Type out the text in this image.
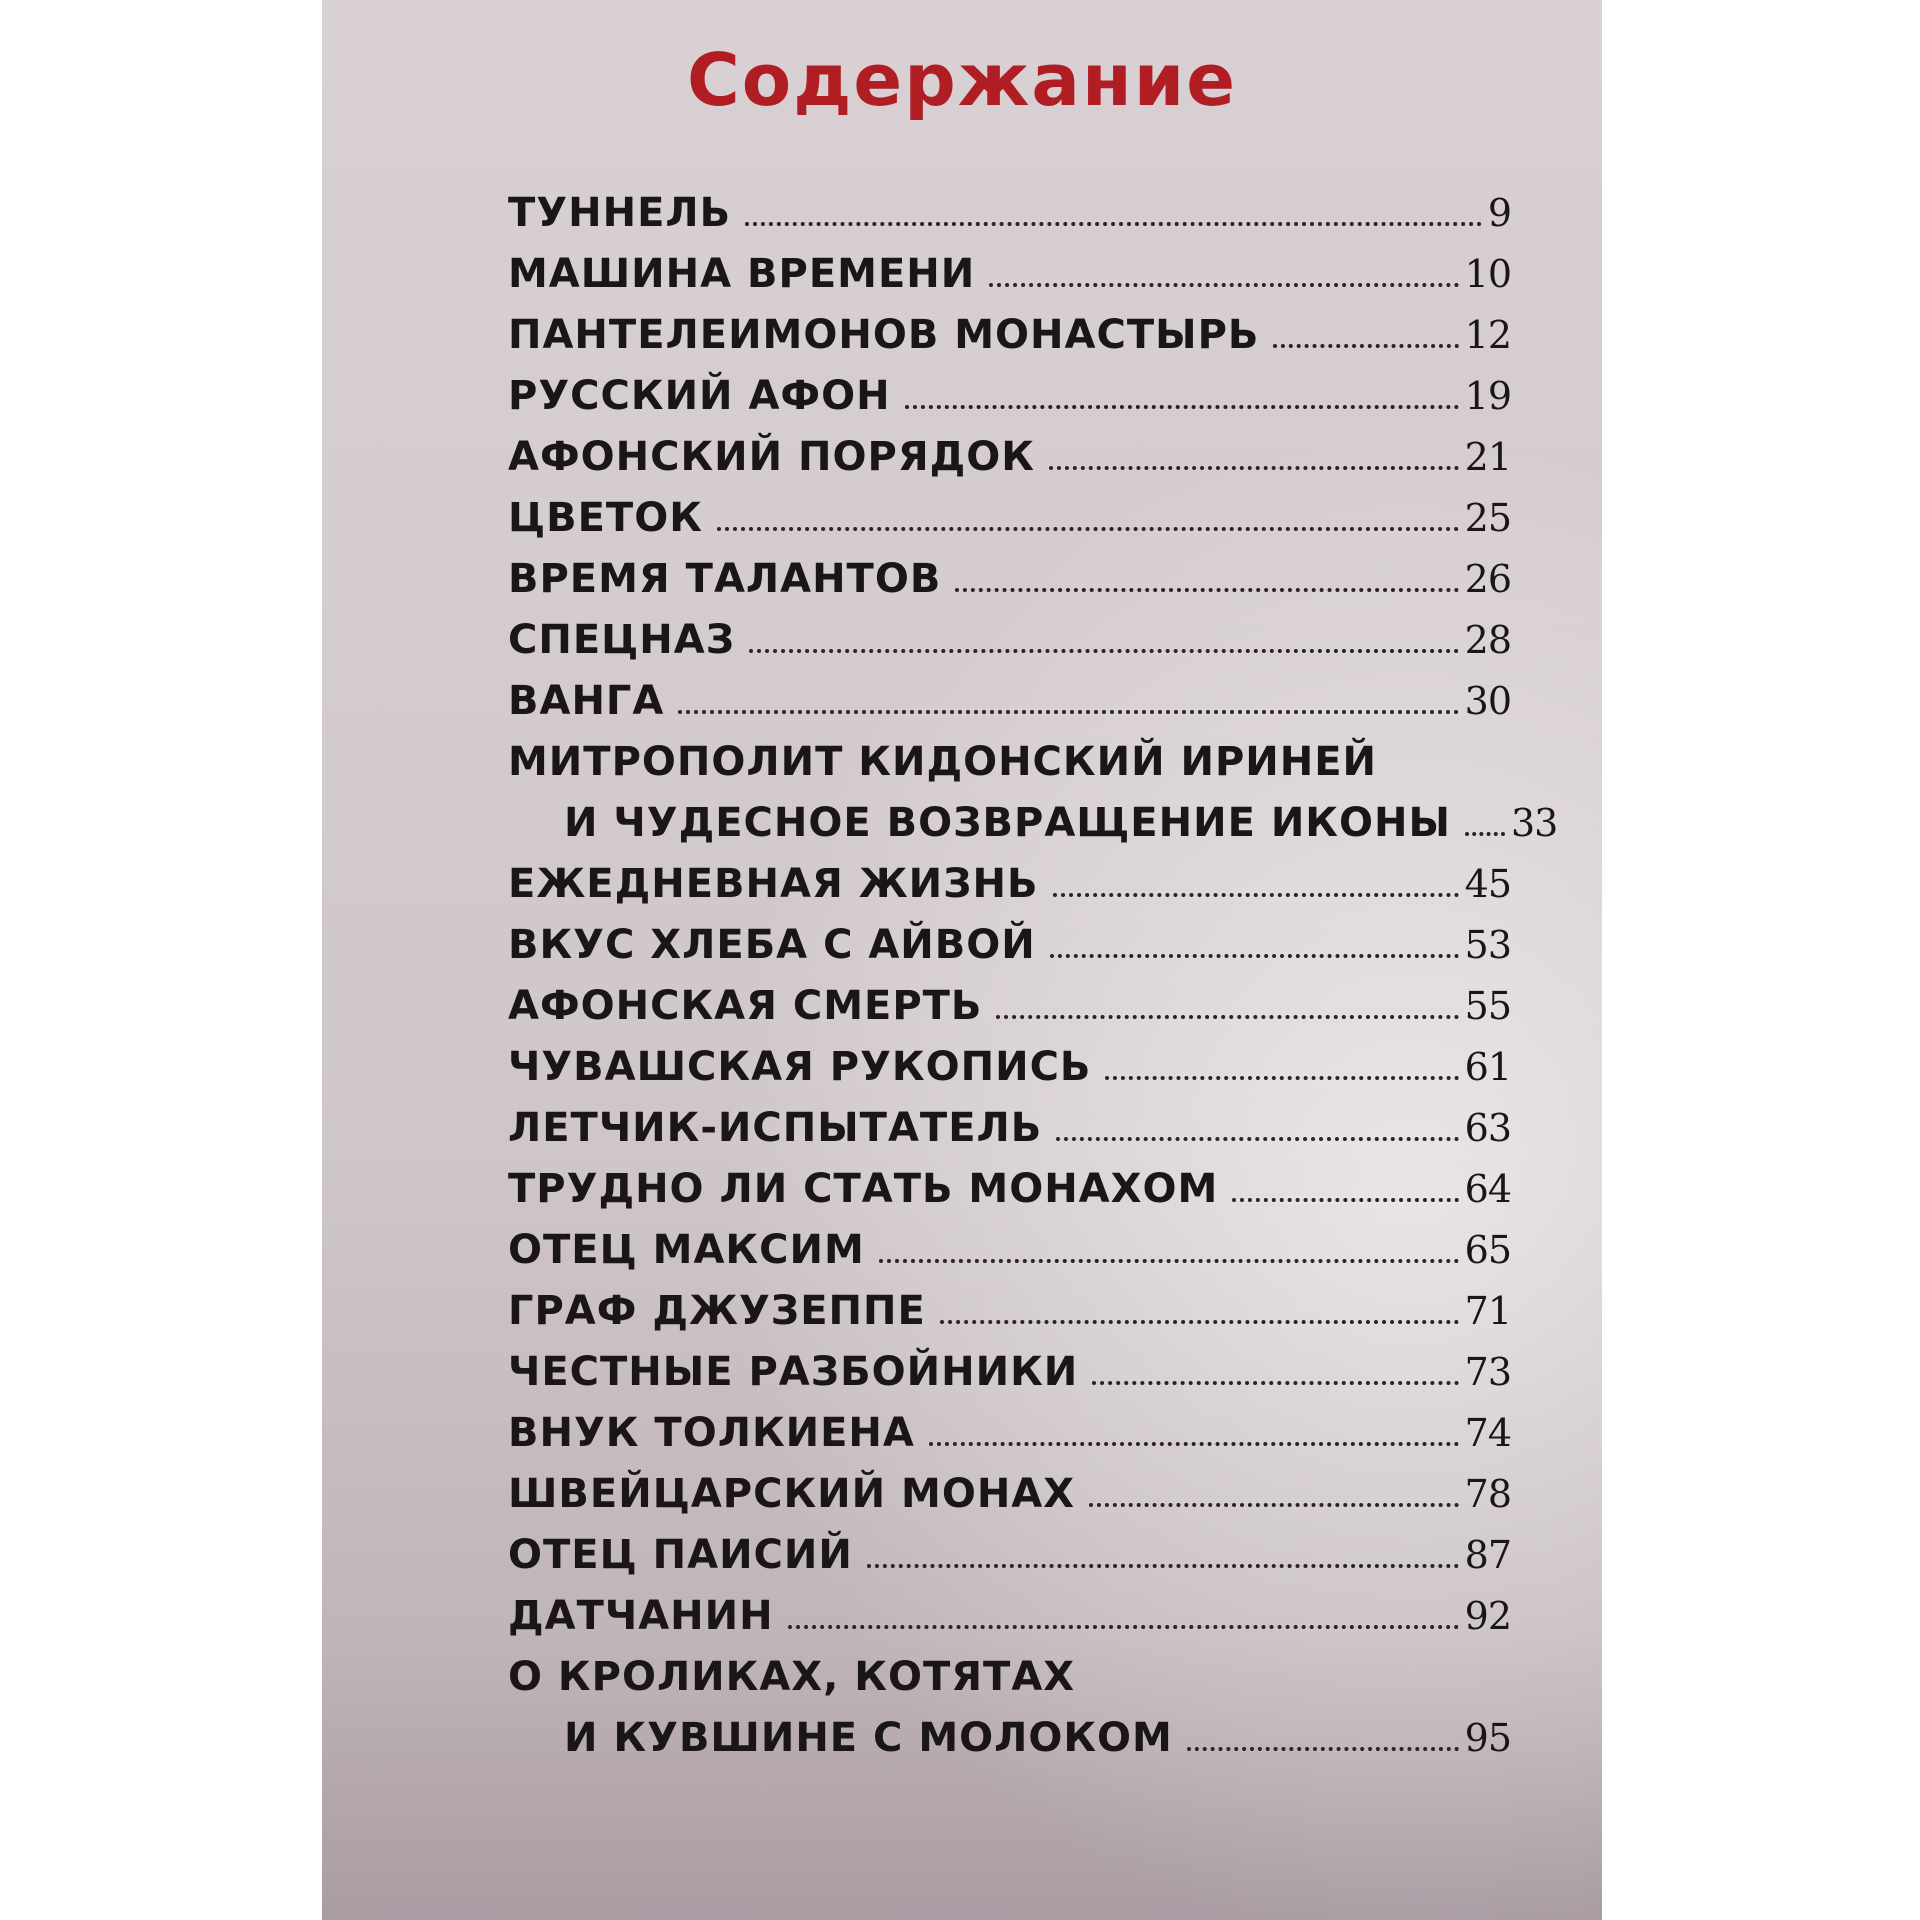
Содержание
ТУННЕЛЬ	9
МАШИНА ВРЕМЕНИ	10
ПАНТЕЛЕИМОНОВ МОНАСТЫРЬ	12
РУССКИЙ АФОН	19
АФОНСКИЙ ПОРЯДОК	21
ЦВЕТОК	25
ВРЕМЯ ТАЛАНТОВ	26
СПЕЦНАЗ	28
ВАНГА	30
МИТРОПОЛИТ КИДОНСКИЙ ИРИНЕЙ
И ЧУДЕСНОЕ ВОЗВРАЩЕНИЕ ИКОНЫ	33
ЕЖЕДНЕВНАЯ ЖИЗНЬ	45
ВКУС ХЛЕБА С АЙВОЙ	53
АФОНСКАЯ СМЕРТЬ	55
ЧУВАШСКАЯ РУКОПИСЬ	61
ЛЕТЧИК-ИСПЫТАТЕЛЬ	63
ТРУДНО ЛИ СТАТЬ МОНАХОМ	64
ОТЕЦ МАКСИМ	65
ГРАФ ДЖУЗЕППЕ	71
ЧЕСТНЫЕ РАЗБОЙНИКИ	73
ВНУК ТОЛКИЕНА	74
ШВЕЙЦАРСКИЙ МОНАХ	78
ОТЕЦ ПАИСИЙ	87
ДАТЧАНИН	92
О КРОЛИКАХ, КОТЯТАХ
И КУВШИНЕ С МОЛОКОМ	95
